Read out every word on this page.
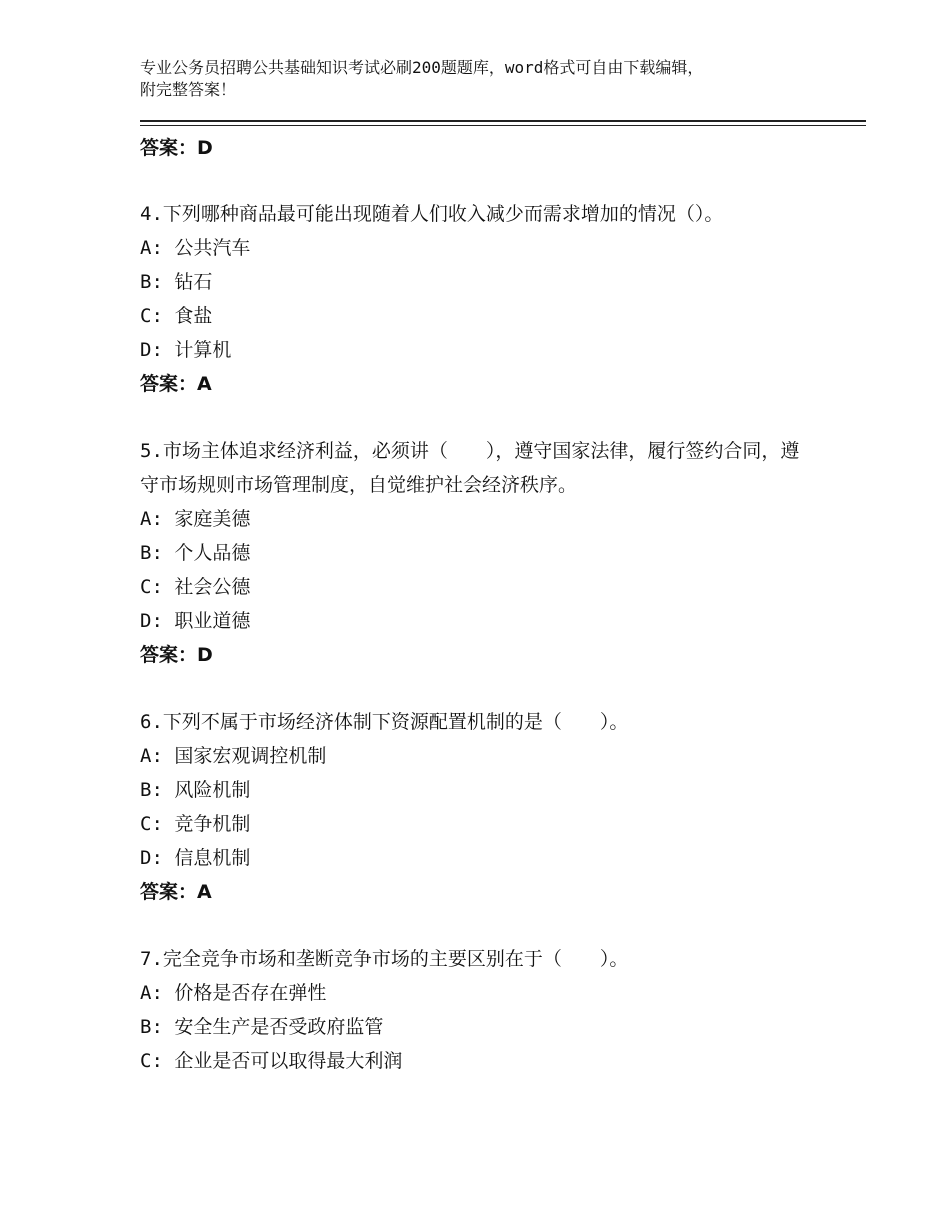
专业公务员招聘公共基础知识考试必刷200题题库，word格式可自由下载编辑，
附完整答案！
答案：D
4.下列哪种商品最可能出现随着人们收入减少而需求增加的情况（）。
A: 公共汽车
B: 钻石
C: 食盐
D: 计算机
答案：A
5.市场主体追求经济利益，必须讲（　　），遵守国家法律，履行签约合同，遵守市场规则市场管理制度，自觉维护社会经济秩序。
A: 家庭美德
B: 个人品德
C: 社会公德
D: 职业道德
答案：D
6.下列不属于市场经济体制下资源配置机制的是（　　）。
A: 国家宏观调控机制
B: 风险机制
C: 竞争机制
D: 信息机制
答案：A
7.完全竞争市场和垄断竞争市场的主要区别在于（　　）。
A: 价格是否存在弹性
B: 安全生产是否受政府监管
C: 企业是否可以取得最大利润
